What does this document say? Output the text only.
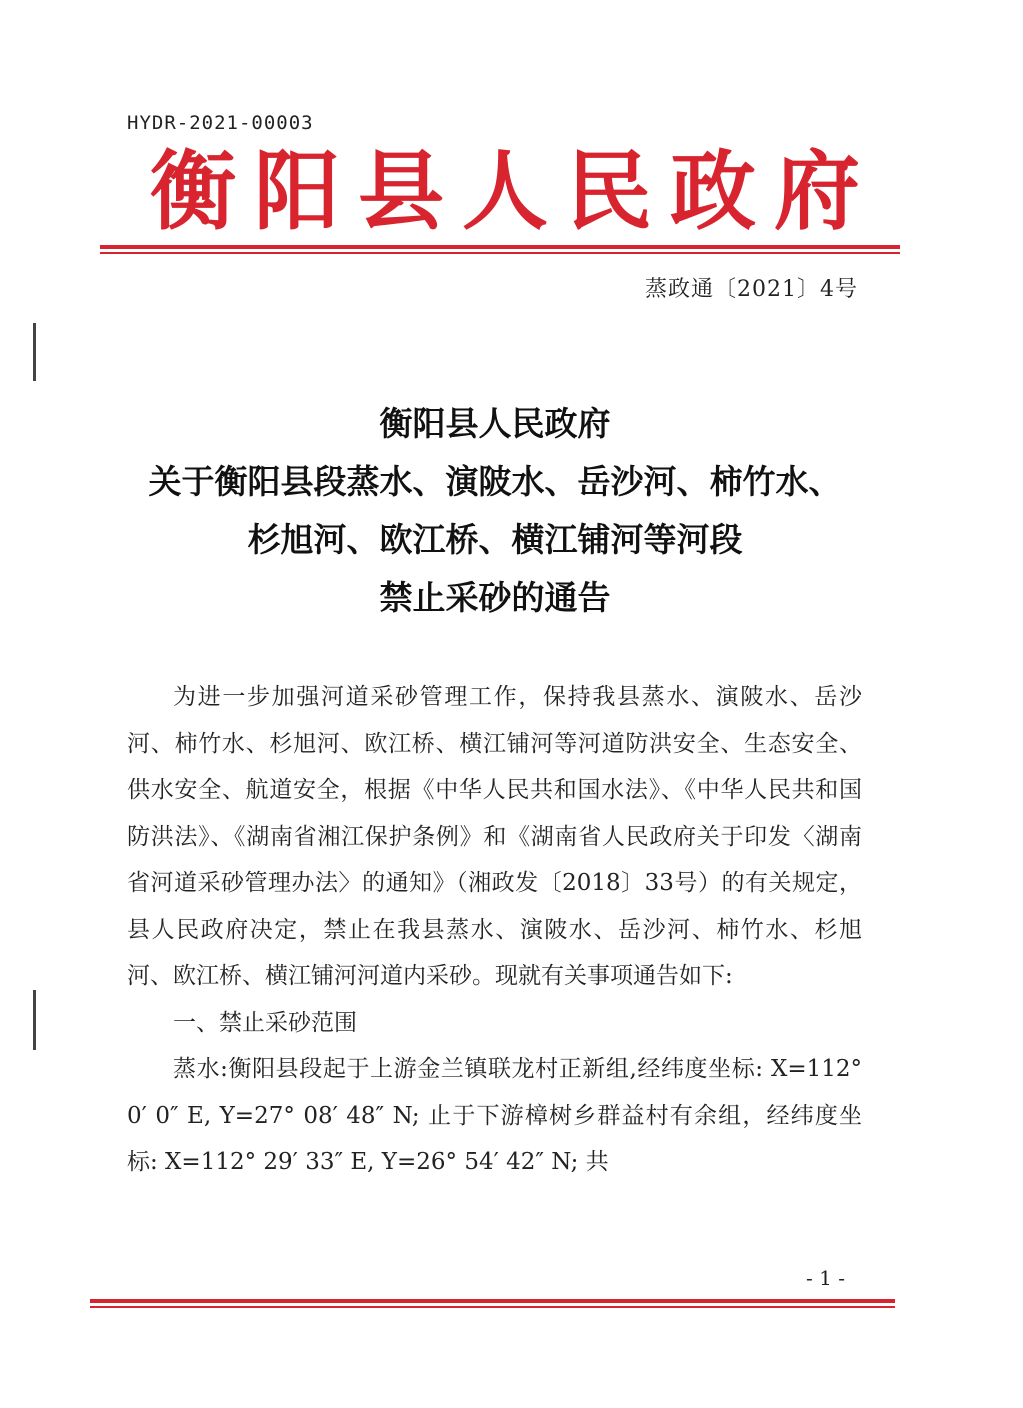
HYDR-2021-00003
衡 阳 县 人 民 政 府
蒸政通〔2021〕4号
衡阳县人民政府
关于衡阳县段蒸水、演陂水、岳沙河、柿竹水、
杉旭河、欧江桥、横江铺河等河段
禁止采砂的通告

为进一步加强河道采砂管理工作，保持我县蒸水、演陂水、岳沙河、柿竹水、杉旭河、欧江桥、横江铺河等河道防洪安全、生态安全、供水安全、航道安全，根据《中华人民共和国水法》、《中华人民共和国防洪法》、《湖南省湘江保护条例》和《湖南省人民政府关于印发〈湖南省河道采砂管理办法〉的通知》（湘政发〔2018〕33号）的有关规定，县人民政府决定，禁止在我县蒸水、演陂水、岳沙河、柿竹水、杉旭河、欧江桥、横江铺河河道内采砂。现就有关事项通告如下:

一、禁止采砂范围

蒸水:衡阳县段起于上游金兰镇联龙村正新组,经纬度坐标: X=112° 0′ 0″ E, Y=27° 08′ 48″ N; 止于下游樟树乡群益村有余组，经纬度坐标: X=112° 29′ 33″ E, Y=26° 54′ 42″ N; 共

- 1 -
